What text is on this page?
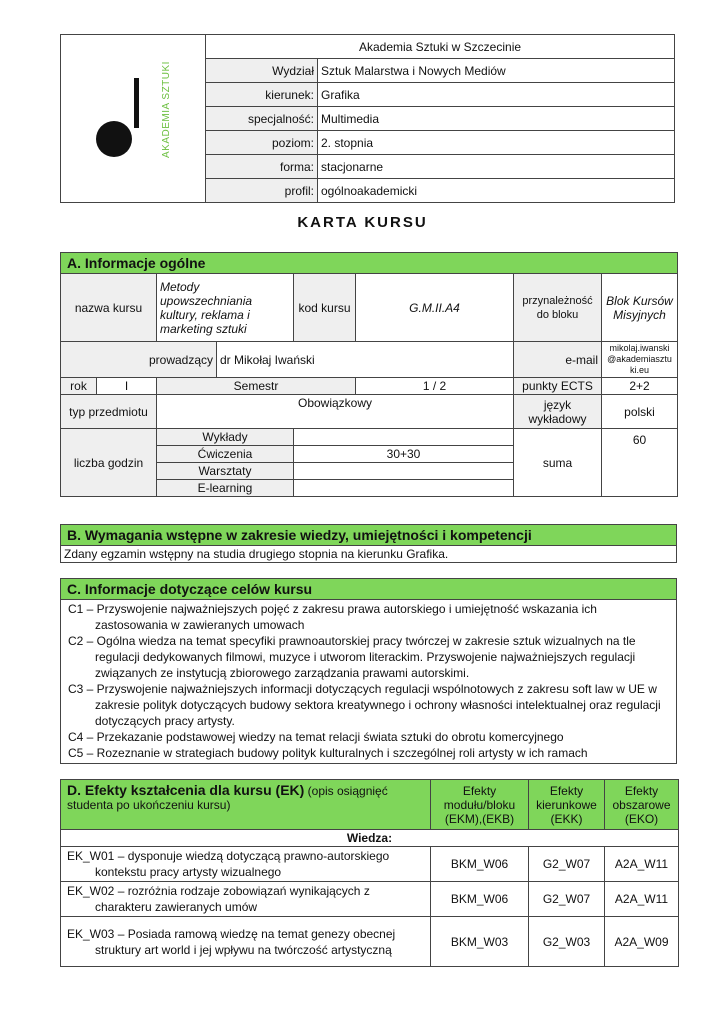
AKADEMIA SZTUKI	Akademia Sztuki w Szczecinie	
	Wydział	Sztuk Malarstwa i Nowych Mediów
	kierunek:	Grafika
	specjalność:	Multimedia
	poziom:	2. stopnia
	forma:	stacjonarne
	profil:	ogólnoakademicki
KARTA KURSU
A. Informacje ogólne							
nazwa kursu		Metody upowszechniania kultury, reklama i marketing sztuki		kod kursu	G.M.II.A4	przynależność do bloku	Blok Kursów Misyjnych
prowadzący			dr Mikołaj Iwański			e-mail	mikolaj.iwanski@akademiasztuki.eu
rok	I	Semestr			1 / 2	punkty ECTS	2+2
typ przedmiotu		Obowiązkowy				język wykładowy	polski
liczba godzin		Wykłady				suma	60
		Ćwiczenia		30+30			
		Warsztaty					
		E-learning					
B. Wymagania wstępne w zakresie wiedzy, umiejętności i kompetencji
Zdany egzamin wstępny na studia drugiego stopnia na kierunku Grafika.
C. Informacje dotyczące celów kursu

C1 – Przyswojenie najważniejszych pojęć z zakresu prawa autorskiego i umiejętność wskazania ich zastosowania w zawieranych umowach

C2 – Ogólna wiedza na temat specyfiki prawnoautorskiej pracy twórczej w zakresie sztuk wizualnych na tle regulacji dedykowanych filmowi, muzyce i utworom literackim. Przyswojenie najważniejszych regulacji związanych ze instytucją zbiorowego zarządzania prawami autorskimi.

C3 – Przyswojenie najważniejszych informacji dotyczących regulacji wspólnotowych z zakresu soft law w UE w zakresie polityk dotyczących budowy sektora kreatywnego i ochrony własności intelektualnej oraz regulacji dotyczących pracy artysty.

C4 – Przekazanie podstawowej wiedzy na temat relacji świata sztuki do obrotu komercyjnego

C5 – Rozeznanie w strategiach budowy polityk kulturalnych i szczególnej roli artysty w ich ramach

D. Efekty kształcenia dla kursu (EK) (opis osiągnięć studenta po ukończeniu kursu)	Efekty modułu/bloku (EKM),(EKB)	Efekty kierunkowe (EKK)	Efekty obszarowe (EKO)
Wiedza:			
EK_W01 – dysponuje wiedzą dotyczącą prawno-autorskiego kontekstu pracy artysty wizualnego	BKM_W06	G2_W07	A2A_W11
EK_W02 – rozróżnia rodzaje zobowiązań wynikających z charakteru zawieranych umów	BKM_W06	G2_W07	A2A_W11
EK_W03 – Posiada ramową wiedzę na temat genezy obecnej struktury art world i jej wpływu na twórczość artystyczną	BKM_W03	G2_W03	A2A_W09
